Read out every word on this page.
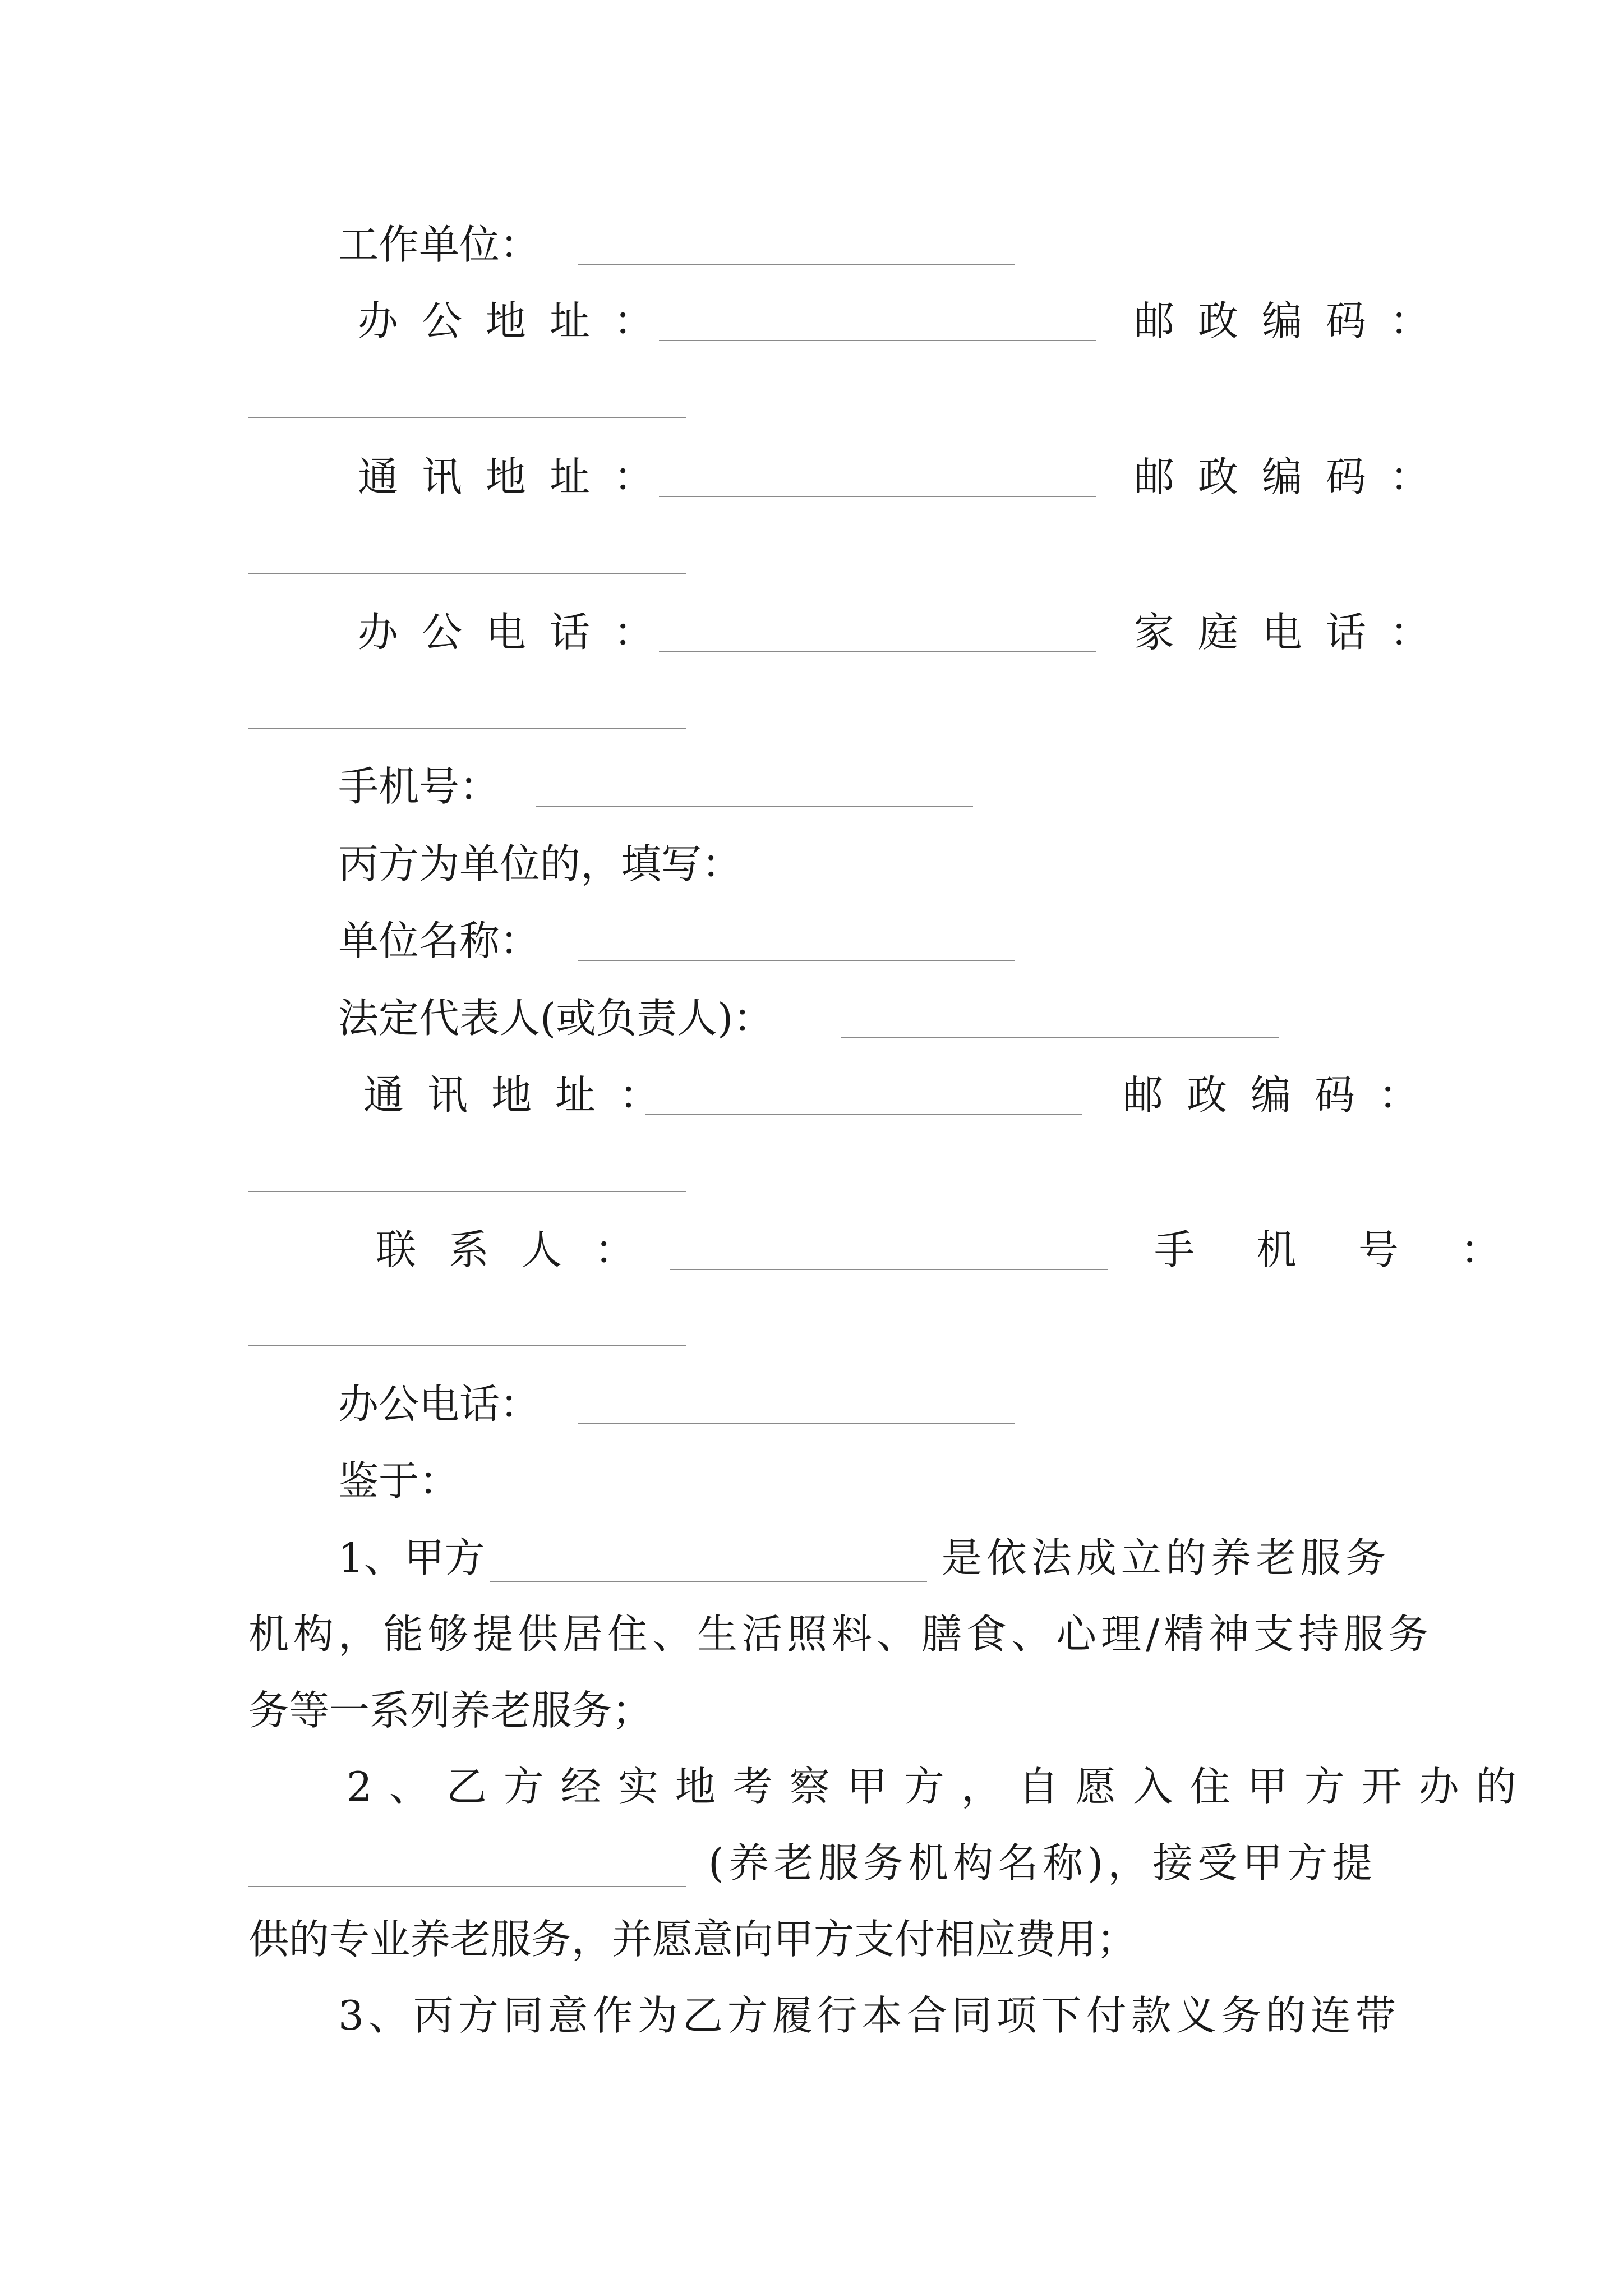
工作单位：
办公地址：	邮政编码：
通讯地址：	邮政编码：
办公电话：	家庭电话：
手机号：
丙方为单位的，填写：
单位名称：
法定代表人(或负责人)：
通讯地址：	邮政编码：
联系人：	手机号：
办公电话：
鉴于：
1、甲方	是依法成立的养老服务
机构，能够提供居住、生活照料、膳食、心理/精神支持服务
务等一系列养老服务；
2、乙方经实地考察甲方，自愿入住甲方开办的
(养老服务机构名称)，接受甲方提
供的专业养老服务，并愿意向甲方支付相应费用；
3、丙方同意作为乙方履行本合同项下付款义务的连带
